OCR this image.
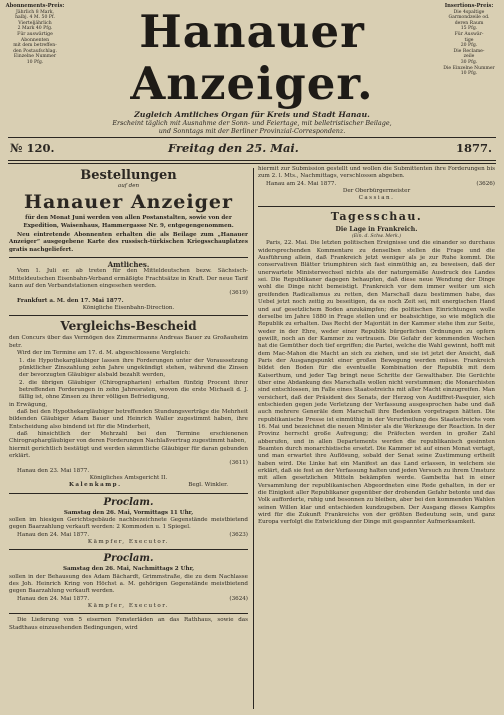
Abonnements-Preis:
Jährlich 8 Mark,
halbj. 4 M. 50 Pf.
Vierteljährlich
2 Mark 40 Pfg.
Für auswärtige
Abonnenten
mit dem betreffen-
den Postaufschlag.
Einzelne Nummer
10 Pfg.
Hanauer Anzeiger.
Zugleich Amtliches Organ für Kreis und Stadt Hanau.
Erscheint täglich mit Ausnahme der Sonn- und Feiertage, mit belletristischer Beilage,
und Sonntags mit der Berliner Provinzial-Correspondenz.
Insertions-Preis:
Die 4spaltige
Garmondzeile od.
deren Raum
15 Pfg.
Für Auswär-
tige
20 Pfg.
Die Reclame-
zeile
30 Pfg.
Die Einzelne Nummer
10 Pfg.
№ 120.	Freitag den 25. Mai.	1877.
Bestellungen
auf den
Hanauer Anzeiger

für den Monat Juni werden von allen Postanstalten, sowie von der Expedition, Waisenhaus, Hammergasse Nr. 9, entgegengenommen.

Neu eintretende Abonnenten erhalten die als Beilage zum „Hanauer Anzeiger“ ausgegebene Karte des russisch-türkischen Kriegsschauplatzes gratis nachgeliefert.

Amtliches.

Vom 1. Juli er. ab treten für den Mitteldeutschen bezw. Sächsisch-Mitteldeutschen Eisenbahn-Verband ermäßigte Frachtsätze in Kraft. Der neue Tarif kann auf den Verbandstationen eingesehen werden.

(3619)

Frankfurt a. M. den 17. Mai 1877.

Königliche Eisenbahn-Direction.

Vergleichs-Bescheid

den Concurs über das Vermögen des Zimmermanns Andreas Bauer zu Großauheim betr.

Wird der im Termine am 17. d. M. abgeschlossene Vergleich:

1. die Hypothekargläubiger lassen ihre Forderungen unter der Voraussetzung pünktlicher Zinszahlung zehn Jahre ungekündigt stehen, während die Zinsen der bevorzugten Gläubiger alsbald bezahlt werden,

2. die übrigen Gläubiger (Chirographarien) erhalten fünfzig Procent ihrer betreffenden Forderungen in zehn Jahresraten, wovon die erste Michaeli d. J. fällig ist, ohne Zinsen zu ihrer völligen Befriedigung,

in Erwägung,

daß bei den Hypothekargläubiger betreffenden Stundungsverträge die Mehrheit bildenden Gläubiger Adam Bauer und Heinrich Waller zugestimmt haben, ihre Entscheidung also bindend ist für die Minderheit,

daß hinsichtlich der Mehrzahl bei den Termine erschienenen Chirographargläubiger von deren Forderungen Nachlaßvertrag zugestimmt haben,

hiermit gerichtlich bestätigt und werden sämmtliche Gläubiger für daran gebunden erklärt.

(3611)

Hanau den 23. Mai 1877.

Königliches Amtsgericht II.

Kalenkamp.	Begl. Winkler.

Proclam.

Samstag den 26. Mai, Vormittags 11 Uhr,

sollen im hiesigen Gerichtsgebäude nachbezeichnete Gegenstände meistbietend gegen Baarzahlung verkauft werden: 2 Kommoden u. 1 Spiegel.

Hanau den 24. Mai 1877.	(3623)

Kämpfer, Executor.

Proclam.

Samstag den 26. Mai, Nachmittags 2 Uhr,

sollen in der Behausung des Adam Bächardt, Grimmstraße, die zu dem Nachlasse des Joh. Heinrich Kring von Höchst a. M. gehörigen Gegenstände meistbietend gegen Baarzahlung verkauft werden.

Hanau den 24. Mai 1877.	(3624)

Kämpfer, Executor.

Die Lieferung von 5 eisernen Fensterläden an das Rathhaus, sowie das Stadthaus einzusehenden Bedingungen, wird

hiermit zur Submission gestellt und wollen die Submittenten ihre Forderungen bis zum 2. l. Mts., Nachmittags, verschlossen abgeben.

Hanau am 24. Mai 1877.	(3626)

Der Oberbürgermeister

Cassian.

Tagesschau.

Die Lage in Frankreich.

(Ein. d. Schw. Merk.)

Paris, 22. Mai. Die letzten politischen Ereignisse und die einander so durchaus widersprechenden Kommentare zu denselben stellen die Frage und die Ausführung allein, daß Frankreich jetzt weniger als je zur Ruhe kommt. Die conservativen Blätter triumphiren sich fast einmüthig an, zu beweisen, daß der unerwartete Ministerwechsel nichts als der naturgemäße Ausdruck des Landes sei. Die Republikaner dagegen behaupten, daß diese neue Wendung der Dinge wohl die Dinge nicht bemeistigt. Frankreich vor dem immer weiter um sich greifenden Radicalismus zu retten, den Marschall dazu bestimmen habe, das Uebel jetzt noch zeitig zu beseitigen, da es noch Zeit sei, mit energischen Hand und auf gesetzlichem Boden anzukämpfen; die politischen Einrichtungen wolle derselbe im Jahre 1880 in Frage stellen und er beabsichtige, so wie möglich die Republik zu erhalten. Das Recht der Majorität in der Kammer stehe ihm zur Seite, weder in der Ehre, weder einer Republik bürgerlichen Ordnungen zu opfern gewillt, noch an der Kammer zu vertrauen. Die Gefahr der kommenden Wochen hat die Gemüther doch tief ergriffen; die Partei, welche die Wahl gewinnt, hofft mit dem Mac-Mahon die Macht an sich zu ziehen, und sie ist jetzt der Ansicht, daß Paris der Ausgangspunkt einer großen Bewegung werden müsse. Frankreich bildet den Boden für die eventuelle Kombination der Republik mit dem Kaiserthum, und jeder Tag bringt neue Schritte der Gewalthaber. Die Gerüchte über eine Abdankung des Marschalls wollen nicht verstummen; die Monarchisten sind entschlossen, im Falle eines Staatsstreichs mit aller Macht einzugreifen. Man versichert, daß der Präsident des Senats, der Herzog von Audiffret-Pasquier, sich entschieden gegen jede Verletzung der Verfassung ausgesprochen habe und daß auch mehrere Generäle dem Marschall ihre Bedenken vorgetragen hätten. Die republikanische Presse ist einmüthig in der Verurtheilung des Staatsstreichs vom 16. Mai und bezeichnet die neuen Minister als die Werkzeuge der Reaction. In der Provinz herrscht große Aufregung; die Präfecten werden in großer Zahl abberufen, und in allen Departements werden die republikanisch gesinnten Beamten durch monarchistische ersetzt. Die Kammer ist auf einen Monat vertagt, und man erwartet ihre Auflösung, sobald der Senat seine Zustimmung ertheilt haben wird. Die Linke hat ein Manifest an das Land erlassen, in welchem sie erklärt, daß sie fest an der Verfassung halten und jeden Versuch zu ihrem Umsturz mit allen gesetzlichen Mitteln bekämpfen werde. Gambetta hat in einer Versammlung der republikanischen Abgeordneten eine Rede gehalten, in der er die Einigkeit aller Republikaner gegenüber der drohenden Gefahr betonte und das Volk aufforderte, ruhig und besonnen zu bleiben, aber bei den kommenden Wahlen seinen Willen klar und entschieden kundzugeben. Der Ausgang dieses Kampfes wird für die Zukunft Frankreichs von der größten Bedeutung sein, und ganz Europa verfolgt die Entwicklung der Dinge mit gespannter Aufmerksamkeit.
